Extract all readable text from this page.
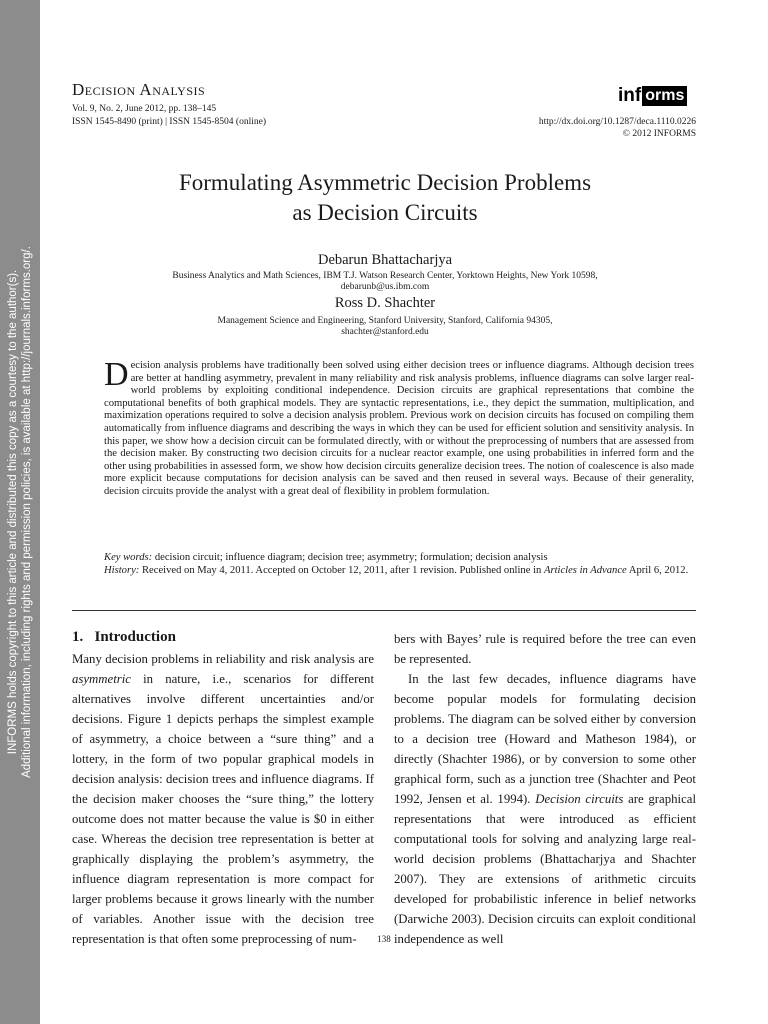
INFORMS holds copyright to this article and distributed this copy as a courtesy to the author(s). Additional information, including rights and permission policies, is available at http://journals.informs.org/.
Decision Analysis
Vol. 9, No. 2, June 2012, pp. 138–145
ISSN 1545-8490 (print) | ISSN 1545-8504 (online)
inf orms
http://dx.doi.org/10.1287/deca.1110.0226
© 2012 INFORMS
Formulating Asymmetric Decision Problems
as Decision Circuits
Debarun Bhattacharjya
Business Analytics and Math Sciences, IBM T.J. Watson Research Center, Yorktown Heights, New York 10598,
debarunb@us.ibm.com
Ross D. Shachter
Management Science and Engineering, Stanford University, Stanford, California 94305,
shachter@stanford.edu
Decision analysis problems have traditionally been solved using either decision trees or influence diagrams. Although decision trees are better at handling asymmetry, prevalent in many reliability and risk analysis problems, influence diagrams can solve larger real-world problems by exploiting conditional independence. Decision circuits are graphical representations that combine the computational benefits of both graphical models. They are syntactic representations, i.e., they depict the summation, multiplication, and maximization operations required to solve a decision analysis problem. Previous work on decision circuits has focused on compiling them automatically from influence diagrams and describing the ways in which they can be used for efficient solution and sensitivity analysis. In this paper, we show how a decision circuit can be formulated directly, with or without the preprocessing of numbers that are assessed from the decision maker. By constructing two decision circuits for a nuclear reactor example, one using probabilities in inferred form and the other using probabilities in assessed form, we show how decision circuits generalize decision trees. The notion of coalescence is also made more explicit because computations for decision analysis can be saved and then reused in several ways. Because of their generality, decision circuits provide the analyst with a great deal of flexibility in problem formulation.
Key words: decision circuit; influence diagram; decision tree; asymmetry; formulation; decision analysis
History: Received on May 4, 2011. Accepted on October 12, 2011, after 1 revision. Published online in Articles in Advance April 6, 2012.
1. Introduction

Many decision problems in reliability and risk analysis are asymmetric in nature, i.e., scenarios for different alternatives involve different uncertainties and/or decisions. Figure 1 depicts perhaps the simplest example of asymmetry, a choice between a “sure thing” and a lottery, in the form of two popular graphical models in decision analysis: decision trees and influence diagrams. If the decision maker chooses the “sure thing,” the lottery outcome does not matter because the value is $0 in either case. Whereas the decision tree representation is better at graphically displaying the problem’s asymmetry, the influence diagram representation is more compact for larger problems because it grows linearly with the number of variables. Another issue with the decision tree representation is that often some preprocessing of num-

bers with Bayes’ rule is required before the tree can even be represented.

In the last few decades, influence diagrams have become popular models for formulating decision problems. The diagram can be solved either by conversion to a decision tree (Howard and Matheson 1984), or directly (Shachter 1986), or by conversion to some other graphical form, such as a junction tree (Shachter and Peot 1992, Jensen et al. 1994). Decision circuits are graphical representations that were introduced as efficient computational tools for solving and analyzing large real-world decision problems (Bhattacharjya and Shachter 2007). They are extensions of arithmetic circuits developed for probabilistic inference in belief networks (Darwiche 2003). Decision circuits can exploit conditional independence as well

138
